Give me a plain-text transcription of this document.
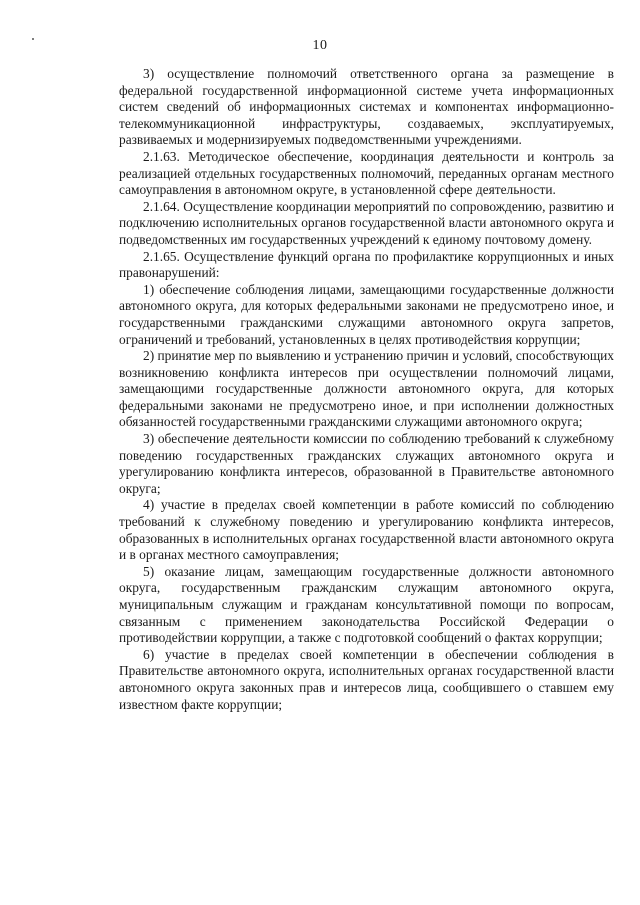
10

3) осуществление полномочий ответственного органа за размещение в федеральной государственной информационной системе учета информационных систем сведений об информационных системах и компонентах информационно-телекоммуникационной инфраструктуры, создаваемых, эксплуатируемых, развиваемых и модернизируемых подведомственными учреждениями.

2.1.63. Методическое обеспечение, координация деятельности и контроль за реализацией отдельных государственных полномочий, переданных органам местного самоуправления в автономном округе, в установленной сфере деятельности.

2.1.64. Осуществление координации мероприятий по сопровождению, развитию и подключению исполнительных органов государственной власти автономного округа и подведомственных им государственных учреждений к единому почтовому домену.

2.1.65. Осуществление функций органа по профилактике коррупционных и иных правонарушений:

1) обеспечение соблюдения лицами, замещающими государственные должности автономного округа, для которых федеральными законами не предусмотрено иное, и государственными гражданскими служащими автономного округа запретов, ограничений и требований, установленных в целях противодействия коррупции;

2) принятие мер по выявлению и устранению причин и условий, способствующих возникновению конфликта интересов при осуществлении полномочий лицами, замещающими государственные должности автономного округа, для которых федеральными законами не предусмотрено иное, и при исполнении должностных обязанностей государственными гражданскими служащими автономного округа;

3) обеспечение деятельности комиссии по соблюдению требований к служебному поведению государственных гражданских служащих автономного округа и урегулированию конфликта интересов, образованной в Правительстве автономного округа;

4) участие в пределах своей компетенции в работе комиссий по соблюдению требований к служебному поведению и урегулированию конфликта интересов, образованных в исполнительных органах государственной власти автономного округа и в органах местного самоуправления;

5) оказание лицам, замещающим государственные должности автономного округа, государственным гражданским служащим автономного округа, муниципальным служащим и гражданам консультативной помощи по вопросам, связанным с применением законодательства Российской Федерации о противодействии коррупции, а также с подготовкой сообщений о фактах коррупции;

6) участие в пределах своей компетенции в обеспечении соблюдения в Правительстве автономного округа, исполнительных органах государственной власти автономного округа законных прав и интересов лица, сообщившего о ставшем ему известном факте коррупции;
